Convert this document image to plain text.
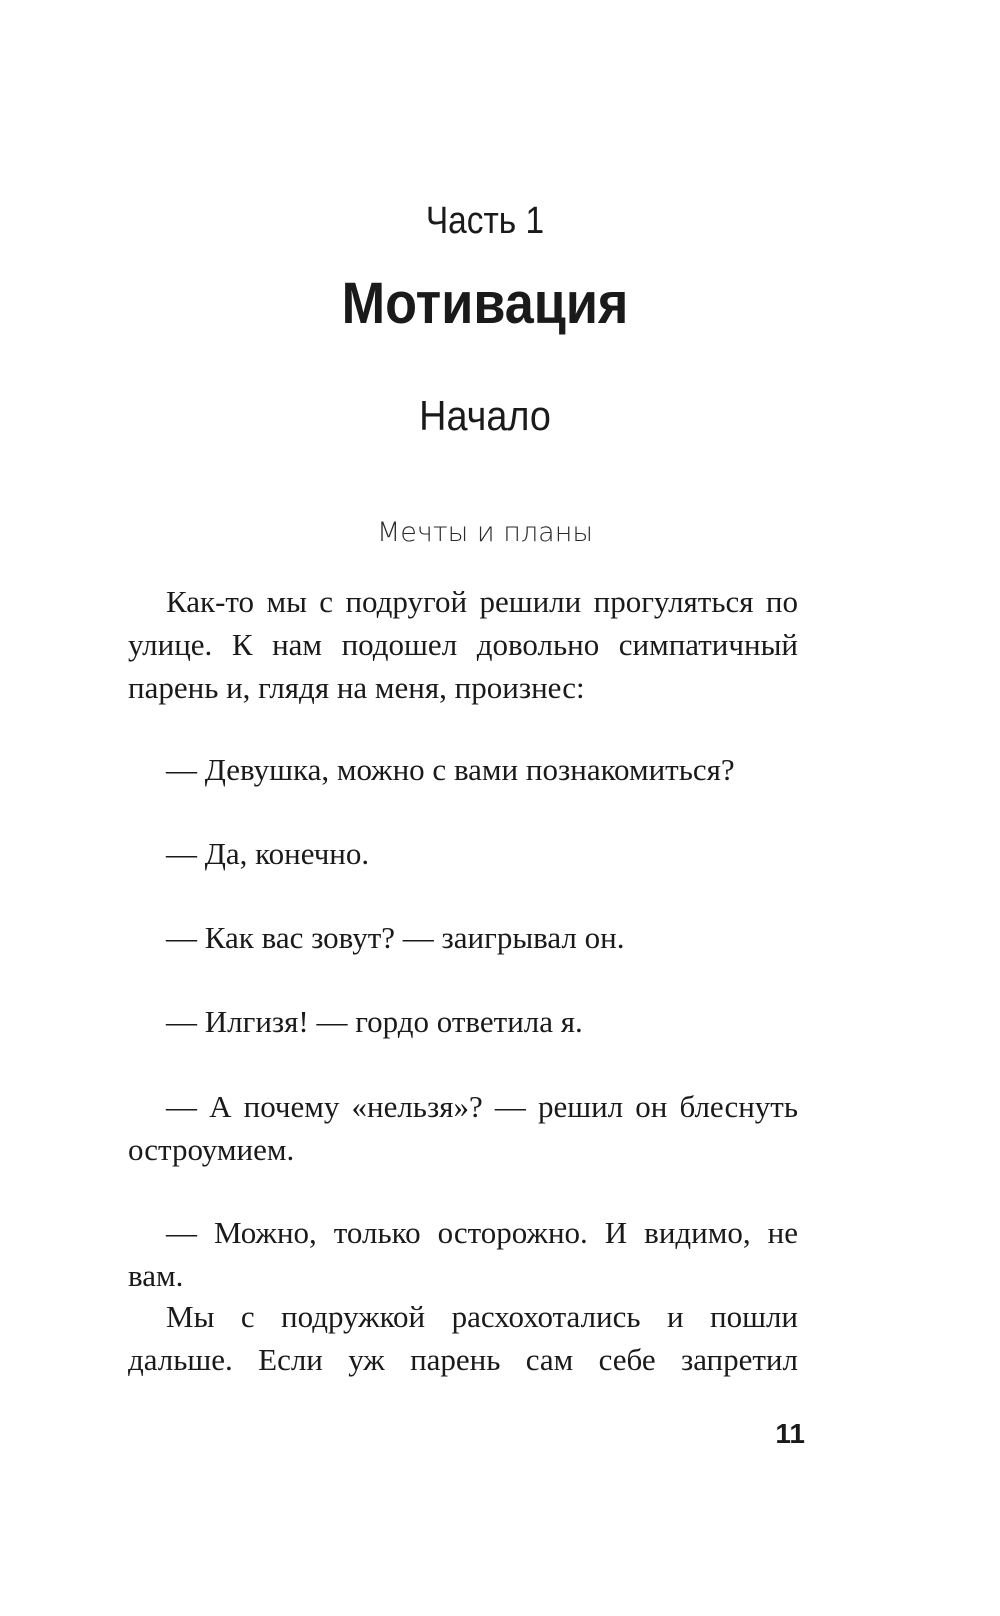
Часть 1
Мотивация
Начало
Мечты и планы

Как-то мы с подругой решили прогуляться по улице. К нам подошел довольно симпатичный парень и, глядя на меня, произнес:

— Девушка, можно с вами познакомиться?

— Да, конечно.

— Как вас зовут? — заигрывал он.

— Илгизя! — гордо ответила я.

— А почему «нельзя»? — решил он блеснуть остроумием.

— Можно, только осторожно. И видимо, не вам.

Мы с подружкой расхохотались и пошли дальше. Если уж парень сам себе запретил

11
